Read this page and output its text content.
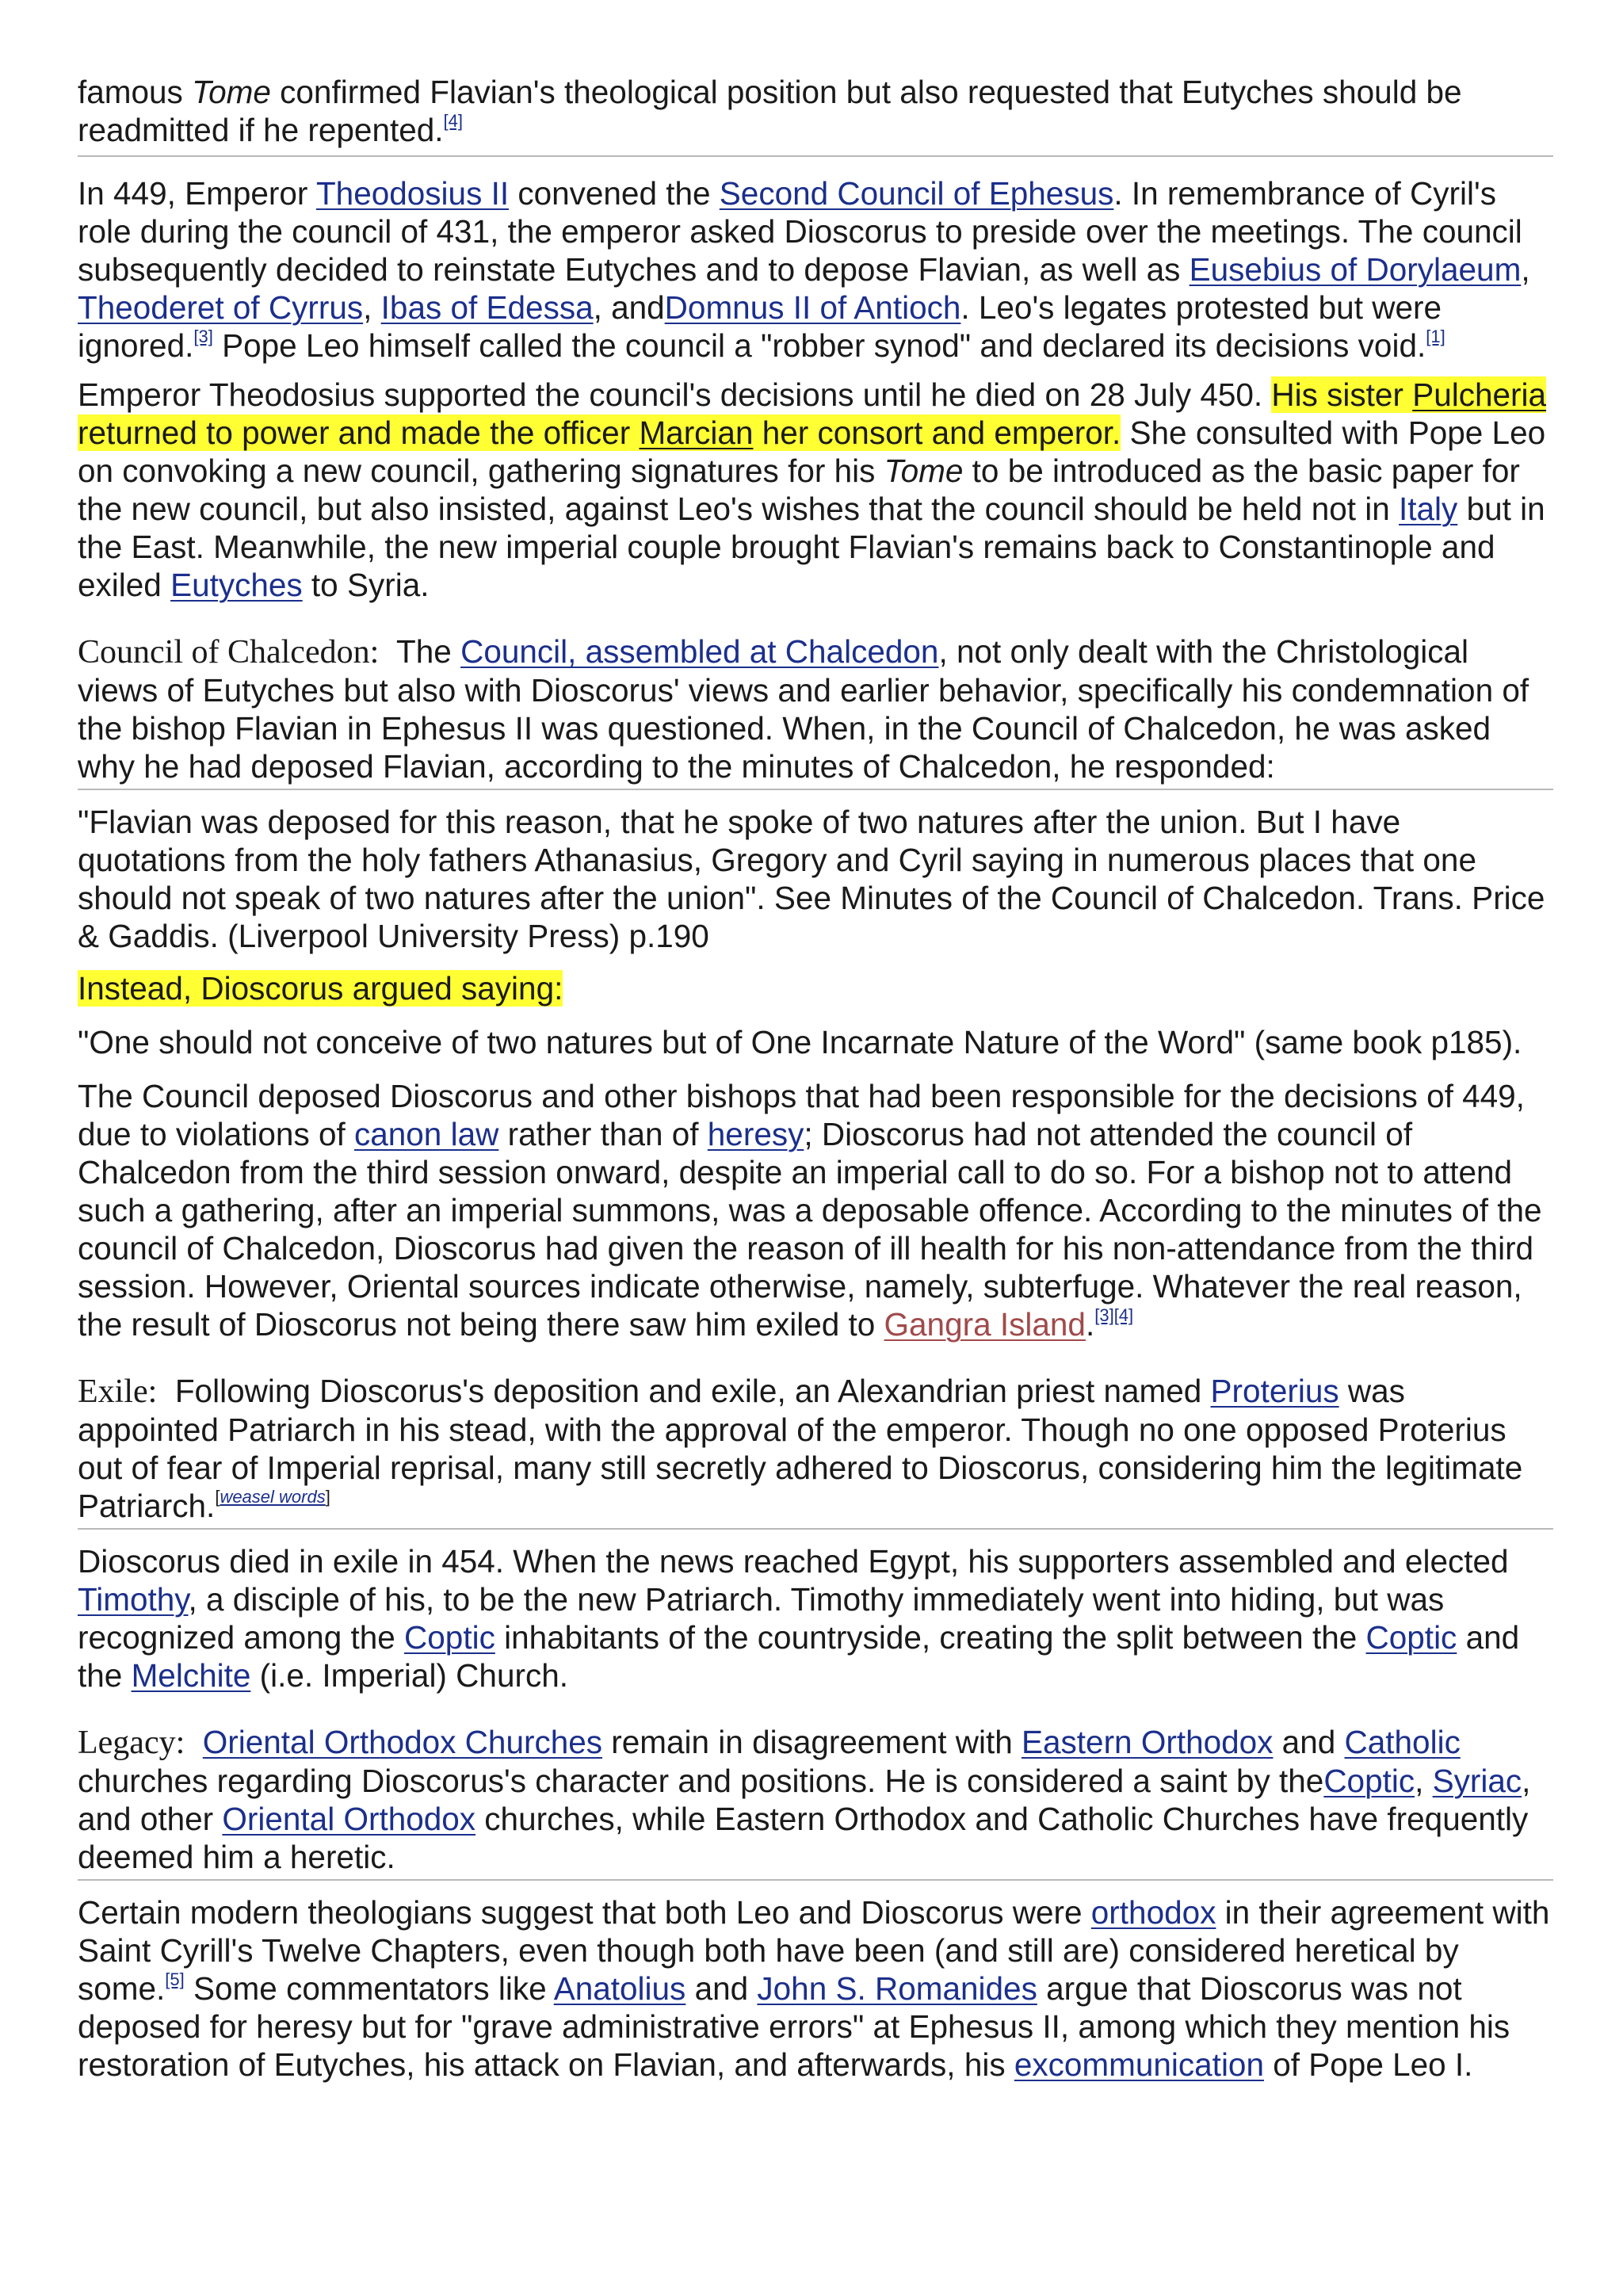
famous Tome confirmed Flavian's theological position but also requested that Eutyches should be readmitted if he repented.[4]

In 449, Emperor Theodosius II convened the Second Council of Ephesus. In remembrance of Cyril's role during the council of 431, the emperor asked Dioscorus to preside over the meetings. The council subsequently decided to reinstate Eutyches and to depose Flavian, as well as Eusebius of Dorylaeum, Theoderet of Cyrrus, Ibas of Edessa, andDomnus II of Antioch. Leo's legates protested but were ignored.[3] Pope Leo himself called the council a "robber synod" and declared its decisions void.[1]

Emperor Theodosius supported the council's decisions until he died on 28 July 450. His sister Pulcheria returned to power and made the officer Marcian her consort and emperor. She consulted with Pope Leo on convoking a new council, gathering signatures for his Tome to be introduced as the basic paper for the new council, but also insisted, against Leo's wishes that the council should be held not in Italy but in the East. Meanwhile, the new imperial couple brought Flavian's remains back to Constantinople and exiled Eutyches to Syria.

Council of Chalcedon:  The Council, assembled at Chalcedon, not only dealt with the Christological views of Eutyches but also with Dioscorus' views and earlier behavior, specifically his condemnation of the bishop Flavian in Ephesus II was questioned. When, in the Council of Chalcedon, he was asked why he had deposed Flavian, according to the minutes of Chalcedon, he responded:

"Flavian was deposed for this reason, that he spoke of two natures after the union. But I have quotations from the holy fathers Athanasius, Gregory and Cyril saying in numerous places that one should not speak of two natures after the union". See Minutes of the Council of Chalcedon. Trans. Price & Gaddis. (Liverpool University Press) p.190

Instead, Dioscorus argued saying:

"One should not conceive of two natures but of One Incarnate Nature of the Word" (same book p185).

The Council deposed Dioscorus and other bishops that had been responsible for the decisions of 449, due to violations of canon law rather than of heresy; Dioscorus had not attended the council of Chalcedon from the third session onward, despite an imperial call to do so. For a bishop not to attend such a gathering, after an imperial summons, was a deposable offence. According to the minutes of the council of Chalcedon, Dioscorus had given the reason of ill health for his non-attendance from the third session. However, Oriental sources indicate otherwise, namely, subterfuge. Whatever the real reason, the result of Dioscorus not being there saw him exiled to Gangra Island.[3][4]

Exile:  Following Dioscorus's deposition and exile, an Alexandrian priest named Proterius was appointed Patriarch in his stead, with the approval of the emperor. Though no one opposed Proterius out of fear of Imperial reprisal, many still secretly adhered to Dioscorus, considering him the legitimate Patriarch.[weasel words]

Dioscorus died in exile in 454. When the news reached Egypt, his supporters assembled and elected Timothy, a disciple of his, to be the new Patriarch. Timothy immediately went into hiding, but was recognized among the Coptic inhabitants of the countryside, creating the split between the Coptic and the Melchite (i.e. Imperial) Church.

Legacy: Oriental Orthodox Churches remain in disagreement with Eastern Orthodox and Catholic churches regarding Dioscorus's character and positions. He is considered a saint by theCoptic, Syriac, and other Oriental Orthodox churches, while Eastern Orthodox and Catholic Churches have frequently deemed him a heretic.

Certain modern theologians suggest that both Leo and Dioscorus were orthodox in their agreement with Saint Cyrill's Twelve Chapters, even though both have been (and still are) considered heretical by some.[5] Some commentators like Anatolius and John S. Romanides argue that Dioscorus was not deposed for heresy but for "grave administrative errors" at Ephesus II, among which they mention his restoration of Eutyches, his attack on Flavian, and afterwards, his excommunication of Pope Leo I.
